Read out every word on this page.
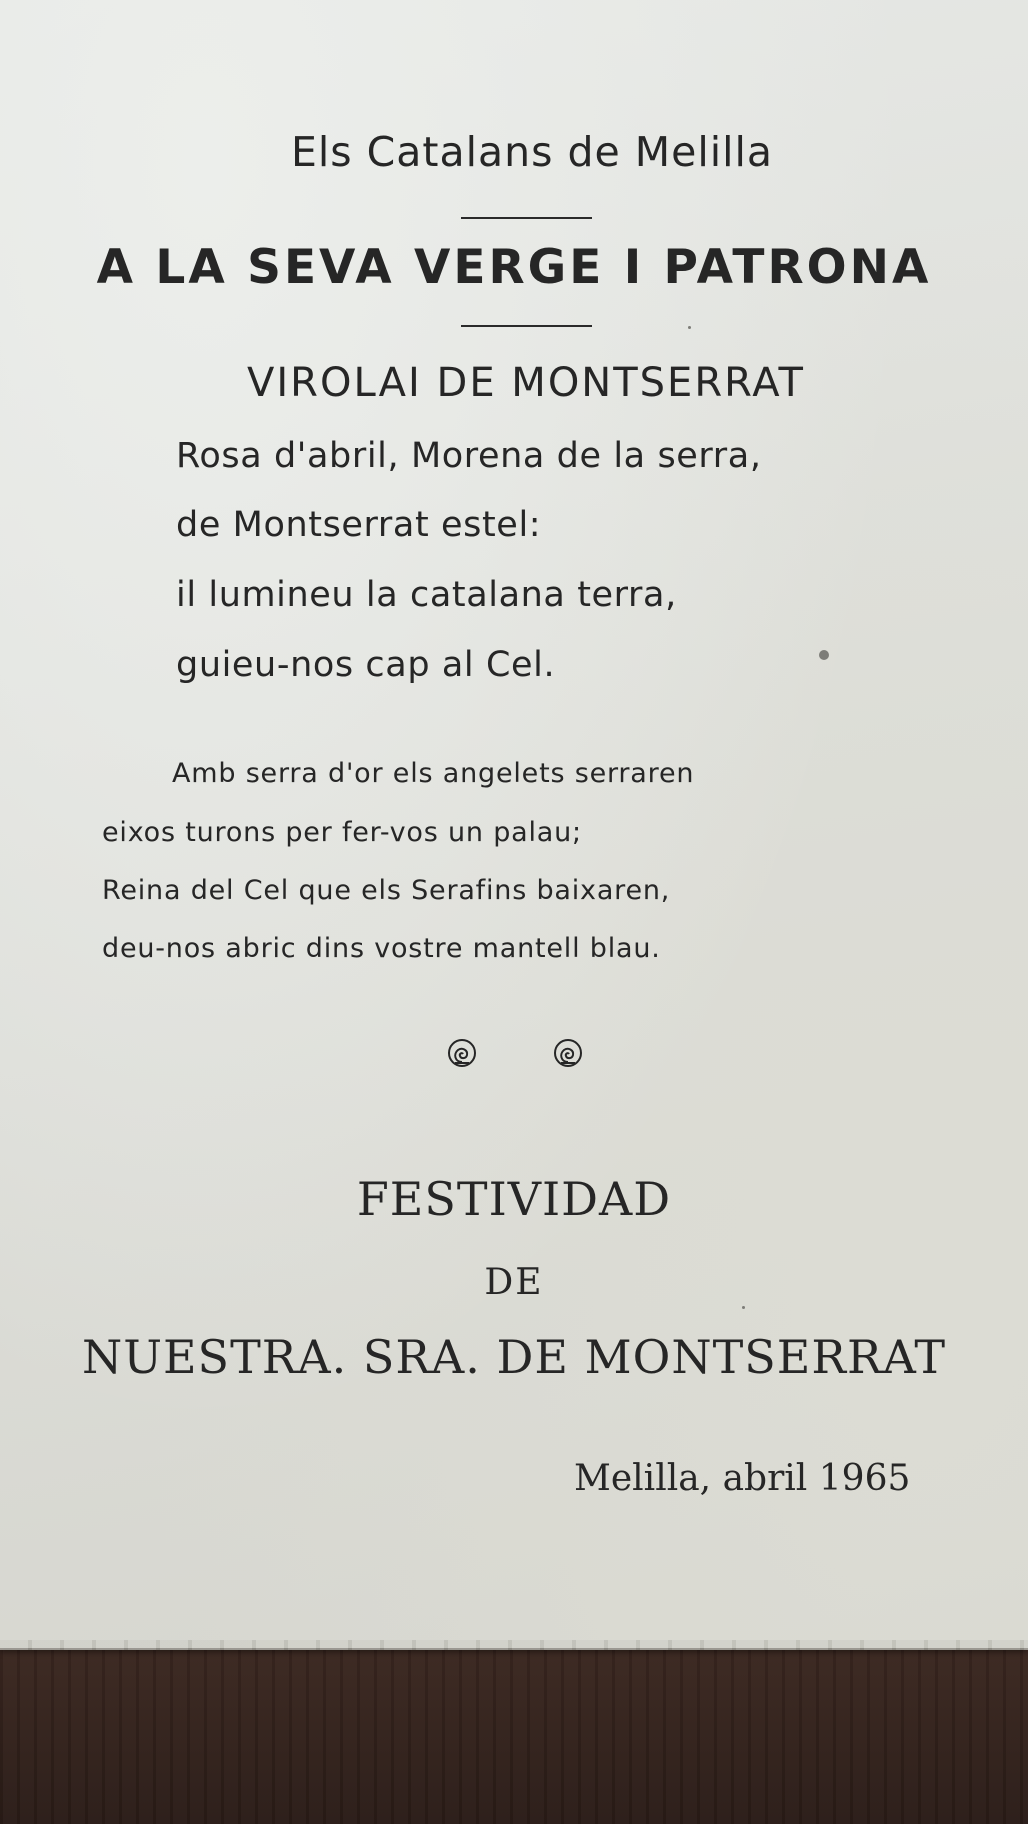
Els Catalans de Melilla
A LA SEVA VERGE I PATRONA
VIROLAI DE MONTSERRAT
Rosa d'abril, Morena de la serra,
de Montserrat estel:
il lumineu la catalana terra,
guieu-nos cap al Cel.
Amb serra d'or els angelets serraren
eixos turons per fer-vos un palau;
Reina del Cel que els Serafins baixaren,
deu-nos abric dins vostre mantell blau.
FESTIVIDAD
DE
NUESTRA. SRA. DE MONTSERRAT
Melilla, abril 1965
